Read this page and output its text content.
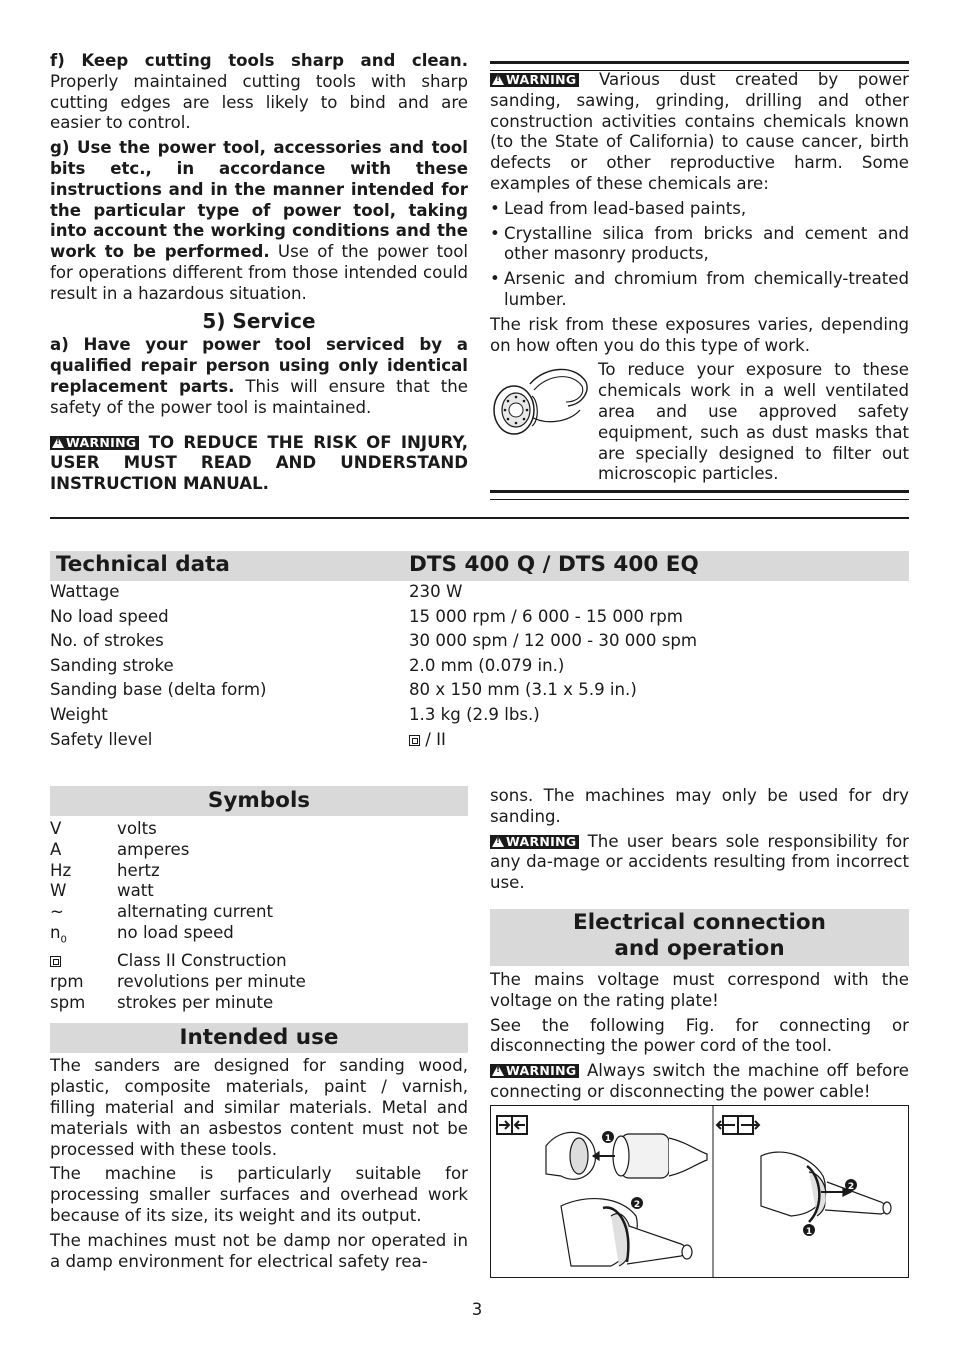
f) Keep cutting tools sharp and clean. Properly maintained cutting tools with sharp cutting edges are less likely to bind and are easier to control.

g) Use the power tool, accessories and tool bits etc., in accordance with these instructions and in the manner intended for the particular type of power tool, taking into account the working conditions and the work to be performed. Use of the power tool for operations different from those intended could result in a hazardous situation.

5) Service

a) Have your power tool serviced by a qualified repair person using only identical replacement parts. This will ensure that the safety of the power tool is maintained.

!WARNING TO REDUCE THE RISK OF INJURY, USER MUST READ AND UNDERSTAND INSTRUCTION MANUAL.

!WARNING Various dust created by power sanding, sawing, grinding, drilling and other construction activities contains chemicals known (to the State of California) to cause cancer, birth defects or other reproductive harm. Some examples of these chemicals are:

• Lead from lead-based paints,
• Crystalline silica from bricks and cement and other masonry products,
• Arsenic and chromium from chemically-treated lumber.

The risk from these exposures varies, depending on how often you do this type of work.

To reduce your exposure to these chemicals work in a well ventilated area and use approved safety equipment, such as dust masks that are specially designed to filter out microscopic particles.

Technical data	DTS 400 Q / DTS 400 EQ
Wattage	230 W
No load speed	15 000 rpm / 6 000 - 15 000 rpm
No. of strokes	30 000 spm / 12 000 - 30 000 spm
Sanding stroke	2.0 mm (0.079 in.)
Sanding base (delta form)	80 x 150 mm (3.1 x 5.9 in.)
Weight	1.3 kg (2.9 lbs.)
Safety llevel	/ II
Symbols
V	volts
A	amperes
Hz	hertz
W	watt
~	alternating current
$n_0$	no load speed
	Class II Construction
rpm	revolutions per minute
spm	strokes per minute
Intended use

The sanders are designed for sanding wood, plastic, composite materials, paint / varnish, filling material and similar materials. Metal and materials with an asbestos content must not be processed with these tools.

The machine is particularly suitable for processing smaller surfaces and overhead work because of its size, its weight and its output.

The machines must not be damp nor operated in a damp environment for electrical safety rea-

sons. The machines may only be used for dry sanding.

!WARNING The user bears sole responsibility for any da-mage or accidents resulting from incorrect use.

Electrical connection
and operation

The mains voltage must correspond with the voltage on the rating plate!

See the following Fig. for connecting or disconnecting the power cord of the tool.

!WARNING Always switch the machine off before connecting or disconnecting the power cable!

1
2
2
1
3
